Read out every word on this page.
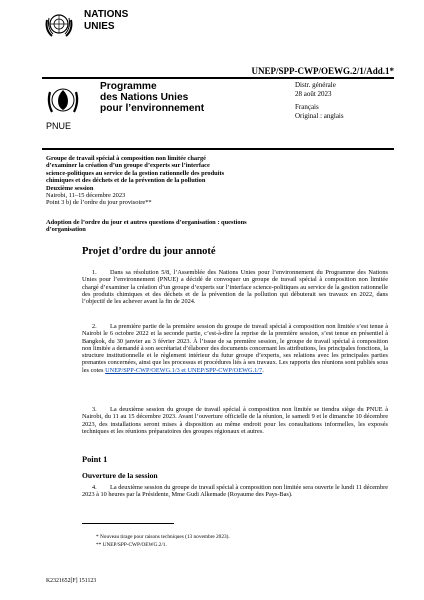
NATIONS
UNIES
UNEP/SPP-CWP/OEWG.2/1/Add.1*
PNUE
Programme
des Nations Unies
pour l’environnement
Distr. générale
28 août 2023
Français
Original : anglais
Groupe de travail spécial à composition non limitée chargé
d’examiner la création d’un groupe d’experts sur l’interface
science-politiques au service de la gestion rationnelle des produits
chimiques et des déchets et de la prévention de la pollution
Deuxième session
Nairobi, 11–15 décembre 2023
Point 3 b) de l’ordre du jour provisoire**
Adoption de l’ordre du jour et autres questions d’organisation : questions d’organisation
Projet d’ordre du jour annoté
1. Dans sa résolution 5/8, l’Assemblée des Nations Unies pour l’environnement du Programme des Nations Unies pour l’environnement (PNUE) a décidé de convoquer un groupe de travail spécial à composition non limitée chargé d’examiner la création d’un groupe d’experts sur l’interface science-politiques au service de la gestion rationnelle des produits chimiques et des déchets et de la prévention de la pollution qui débuterait ses travaux en 2022, dans l’objectif de les achever avant la fin de 2024.
2. La première partie de la première session du groupe de travail spécial à composition non limitée s’est tenue à Nairobi le 6 octobre 2022 et la seconde partie, c’est-à-dire la reprise de la première session, s’est tenue en présentiel à Bangkok, du 30 janvier au 3 février 2023. À l’issue de sa première session, le groupe de travail spécial à composition non limitée a demandé à son secrétariat d’élaborer des documents concernant les attributions, les principales fonctions, la structure institutionnelle et le règlement intérieur du futur groupe d’experts, ses relations avec les principales parties prenantes concernées, ainsi que les processus et procédures liés à ses travaux. Les rapports des réunions sont publiés sous les cotes UNEP/SPP-CWP/OEWG.1/3 et UNEP/SPP-CWP/OEWG.1/7.
3. La deuxième session du groupe de travail spécial à composition non limitée se tiendra siège du PNUE à Nairobi, du 11 au 15 décembre 2023. Avant l’ouverture officielle de la réunion, le samedi 9 et le dimanche 10 décembre 2023, des installations seront mises à disposition au même endroit pour les consultations informelles, les exposés techniques et les réunions préparatoires des groupes régionaux et autres.
Point 1
Ouverture de la session
4. La deuxième session du groupe de travail spécial à composition non limitée sera ouverte le lundi 11 décembre 2023 à 10 heures par la Présidente, Mme Gudi Alkemade (Royaume des Pays-Bas).
* Nouveau tirage pour raisons techniques (13 novembre 2023).
** UNEP/SPP-CWP/OEWG.2/1.
K2321652[F] 151123
